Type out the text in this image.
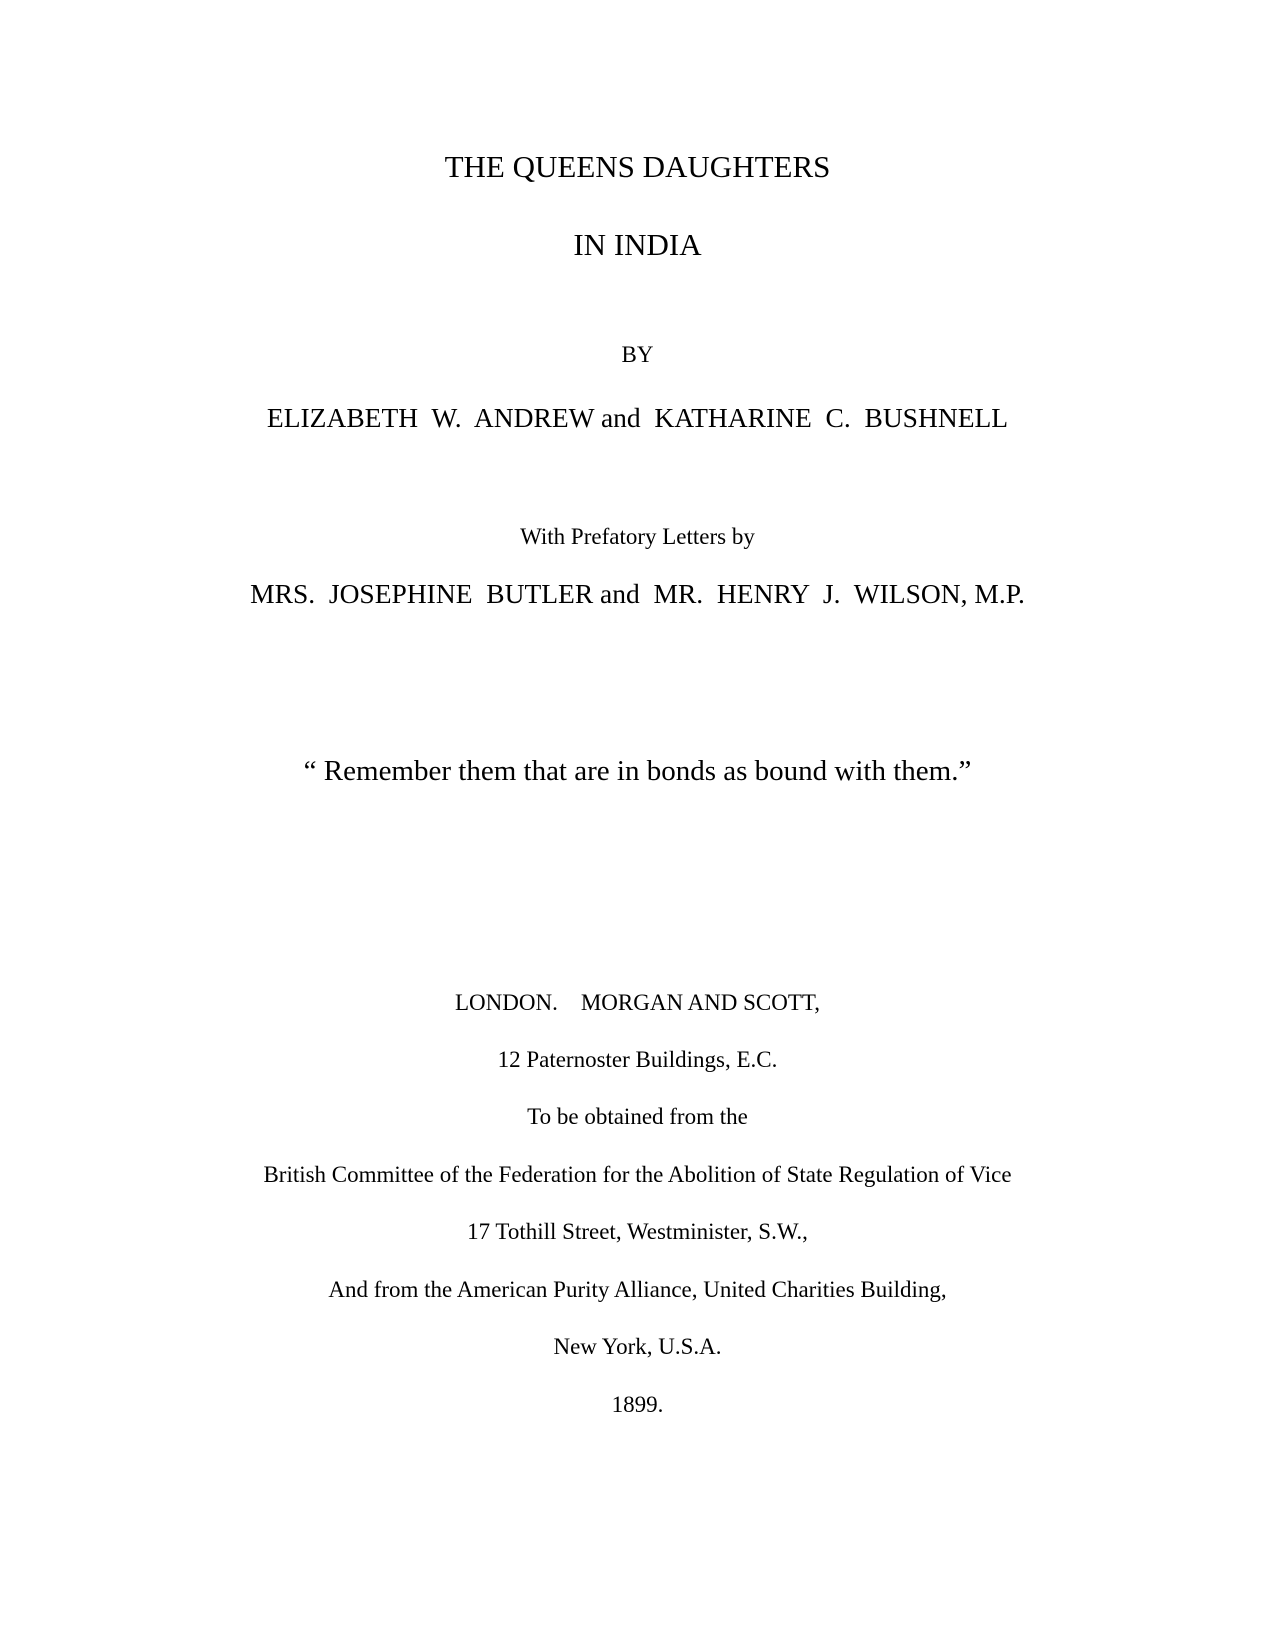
THE QUEENS DAUGHTERS
IN INDIA
BY
ELIZABETH  W.  ANDREW and  KATHARINE  C.  BUSHNELL
With Prefatory Letters by
MRS.  JOSEPHINE  BUTLER and  MR.  HENRY  J.  WILSON, M.P.
“ Remember them that are in bonds as bound with them.”
LONDON.    MORGAN AND SCOTT,
12 Paternoster Buildings, E.C.
To be obtained from the
British Committee of the Federation for the Abolition of State Regulation of Vice
17 Tothill Street, Westminister, S.W.,
And from the American Purity Alliance, United Charities Building,
New York, U.S.A.
1899.
